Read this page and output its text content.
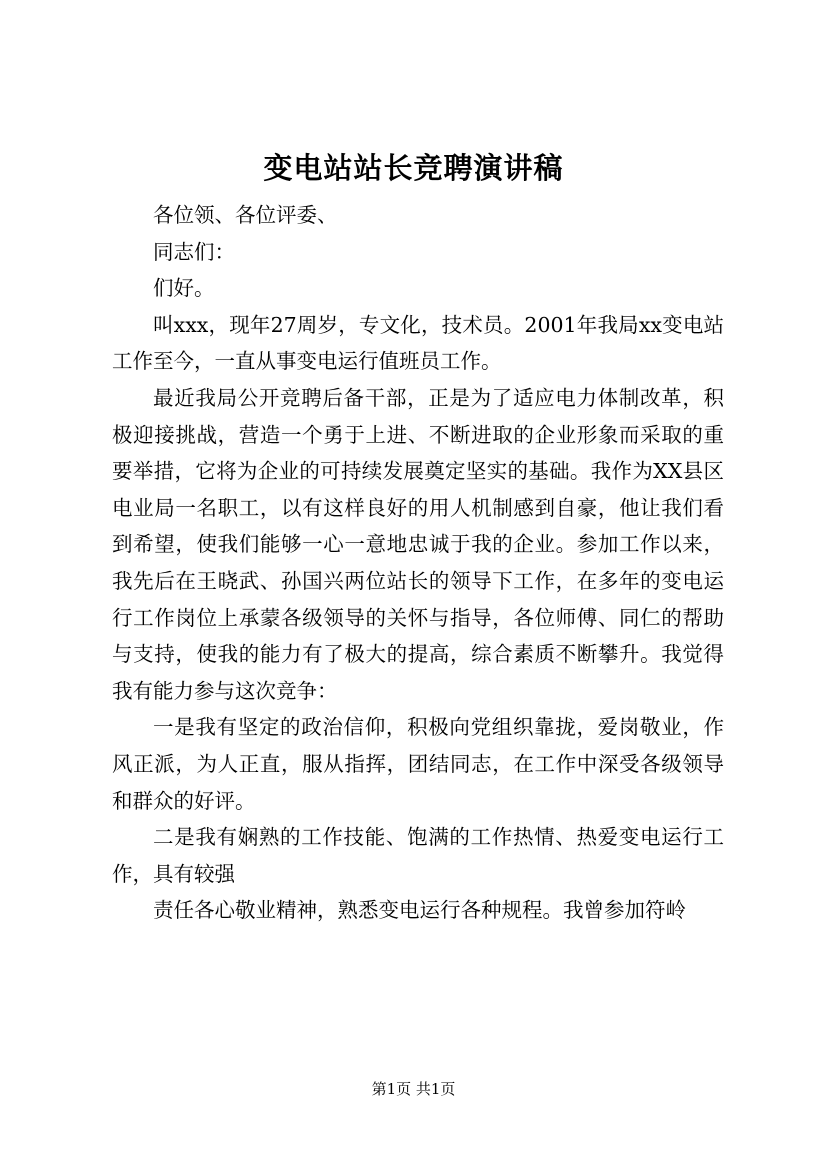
变电站站长竞聘演讲稿

各位领、各位评委、

同志们：

们好。

叫xxx，现年27周岁，专文化，技术员。2001年我局xx变电站工作至今，一直从事变电运行值班员工作。

最近我局公开竞聘后备干部，正是为了适应电力体制改革，积极迎接挑战，营造一个勇于上进、不断进取的企业形象而采取的重要举措，它将为企业的可持续发展奠定坚实的基础。我作为XX县区电业局一名职工，以有这样良好的用人机制感到自豪，他让我们看到希望，使我们能够一心一意地忠诚于我的企业。参加工作以来，我先后在王晓武、孙国兴两位站长的领导下工作，在多年的变电运行工作岗位上承蒙各级领导的关怀与指导，各位师傅、同仁的帮助与支持，使我的能力有了极大的提高，综合素质不断攀升。我觉得我有能力参与这次竞争：

一是我有坚定的政治信仰，积极向党组织靠拢，爱岗敬业，作风正派，为人正直，服从指挥，团结同志，在工作中深受各级领导和群众的好评。

二是我有娴熟的工作技能、饱满的工作热情、热爱变电运行工作，具有较强

责任各心敬业精神，熟悉变电运行各种规程。我曾参加符岭

第1页 共1页
